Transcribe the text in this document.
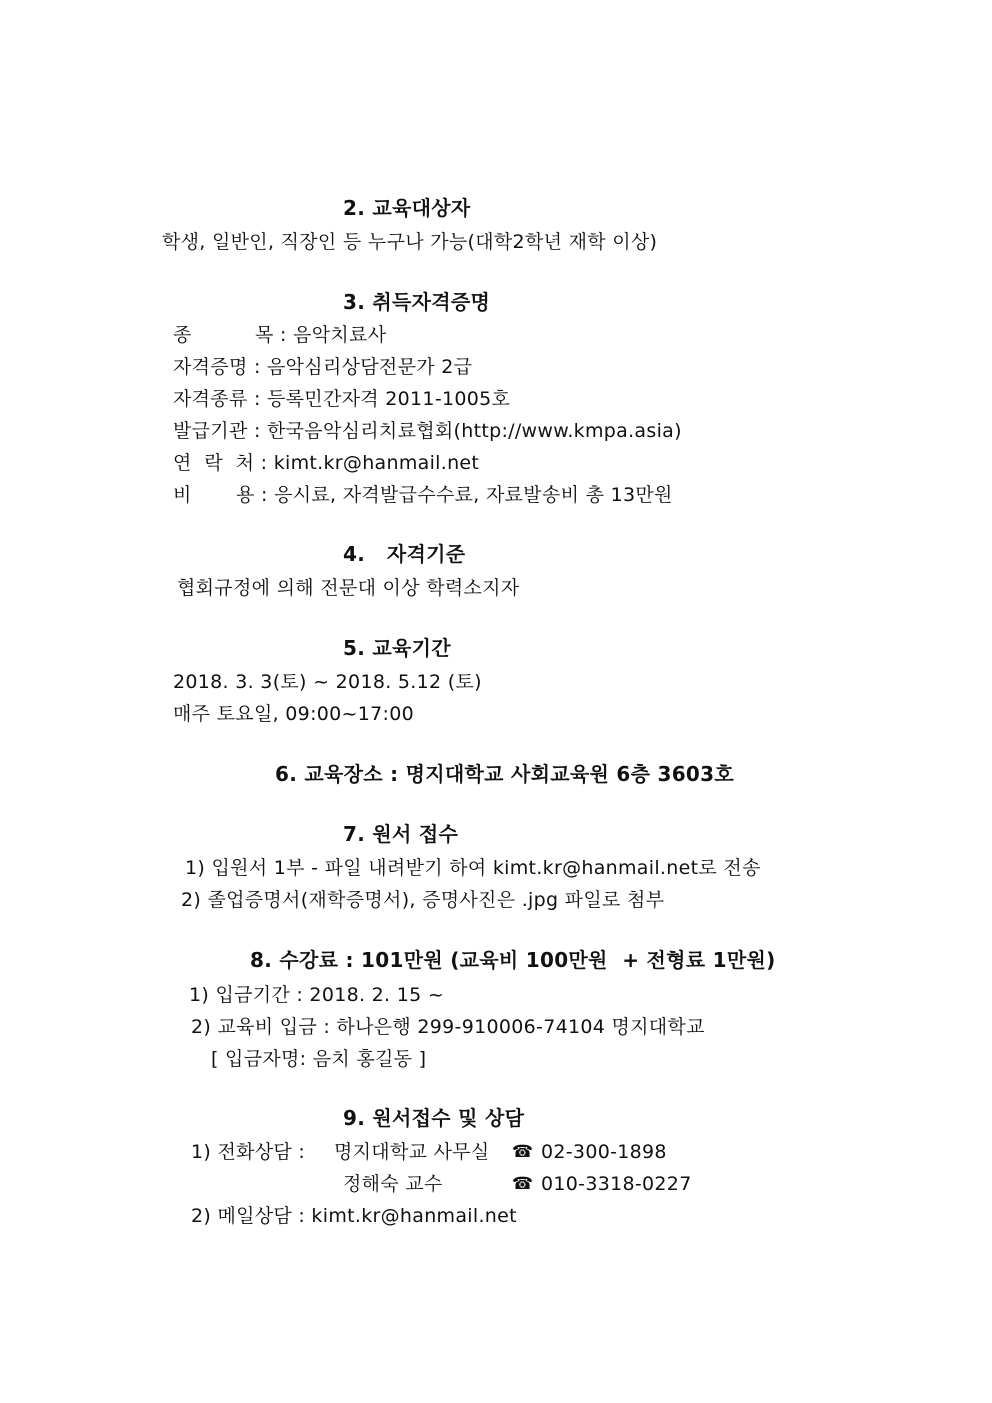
2. 교육대상자
학생, 일반인, 직장인 등 누구나 가능(대학2학년 재학 이상)
3. 취득자격증명
종          목 : 음악치료사
자격증명 : 음악심리상담전문가 2급
자격종류 : 등록민간자격 2011-1005호
발급기관 : 한국음악심리치료협회(http://www.kmpa.asia)
연  락  처 : kimt.kr@hanmail.net
비       용 : 응시료, 자격발급수수료, 자료발송비 총 13만원
4.   자격기준
협회규정에 의해 전문대 이상 학력소지자
5. 교육기간
2018. 3. 3(토) ~ 2018. 5.12 (토)
매주 토요일, 09:00~17:00
6. 교육장소 : 명지대학교 사회교육원 6층 3603호
7. 원서 접수
1) 입원서 1부 - 파일 내려받기 하여 kimt.kr@hanmail.net로 전송
2) 졸업증명서(재학증명서), 증명사진은 .jpg 파일로 첨부
8. 수강료 : 101만원 (교육비 100만원  + 전형료 1만원)
1) 입금기간 : 2018. 2. 15 ~
2) 교육비 입금 : 하나은행 299-910006-74104 명지대학교
[ 입금자명: 음치 홍길동 ]
9. 원서접수 및 상담
1) 전화상담 : 명지대학교 사무실 ☎ 02-300-1898
정해숙 교수	☎ 010-3318-0227
2) 메일상담 : kimt.kr@hanmail.net
